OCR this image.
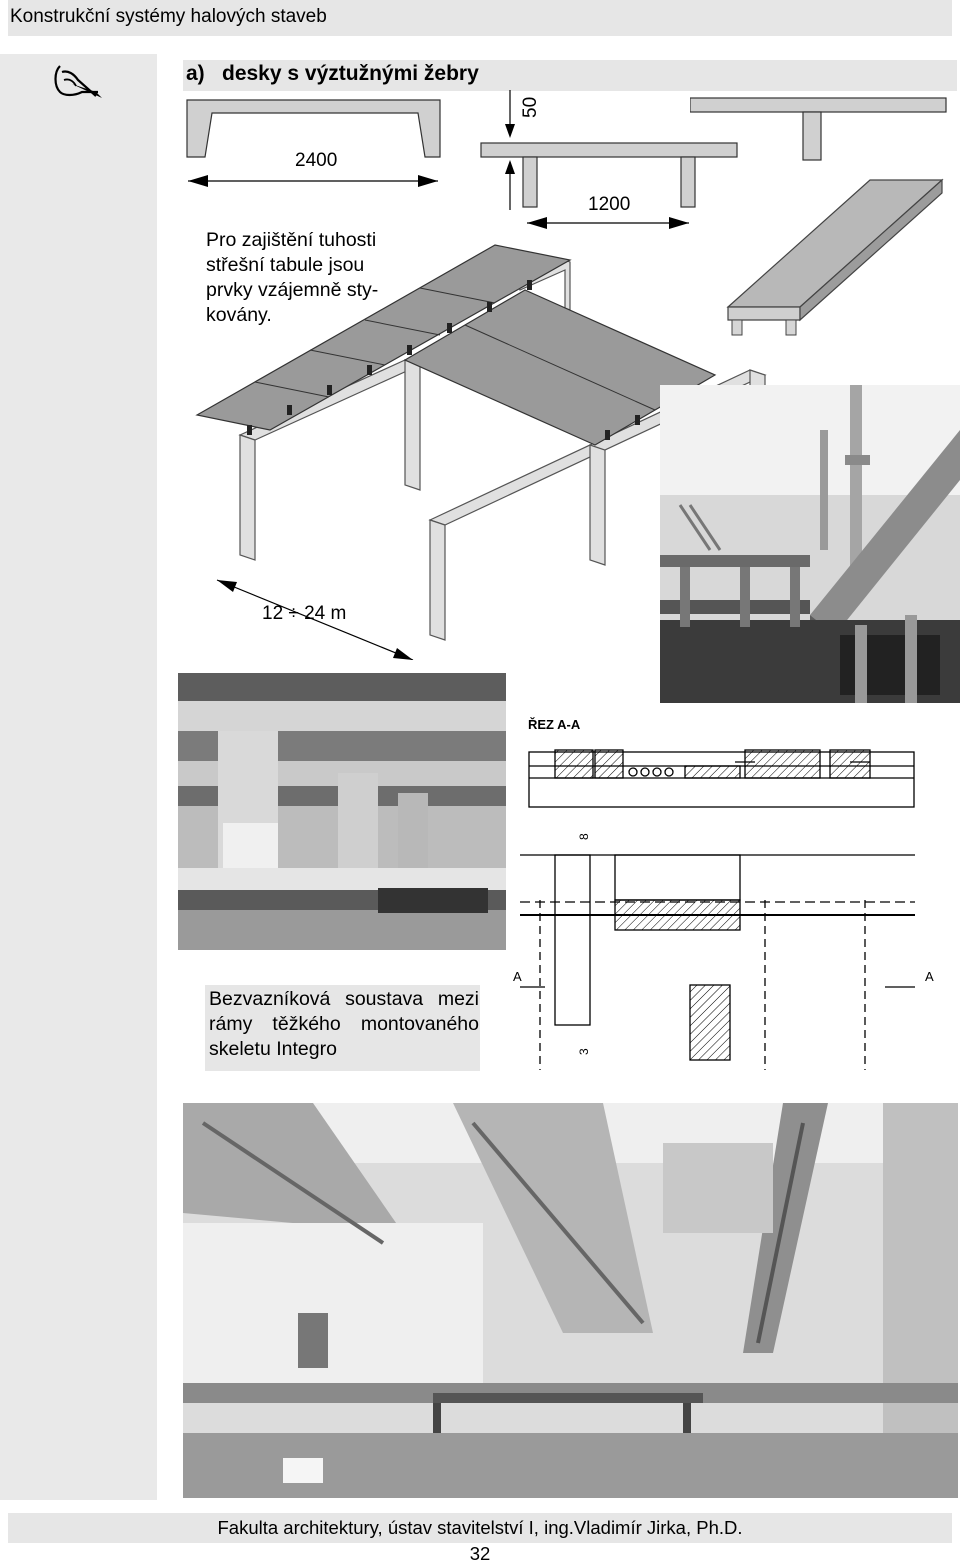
Konstrukční systémy halových staveb
a) desky s výztužnými žebry
2400
50
1200
Pro zajištění tuhosti
střešní tabule jsou
prvky vzájemně sty-
kovány.
12 ÷ 24 m
ŘEZ A-A
A	A
8
3
Bezvazníková soustava mezi rámy těžkého montovaného skeletu Integro
Fakulta architektury, ústav stavitelství I, ing.Vladimír Jirka, Ph.D.
32
